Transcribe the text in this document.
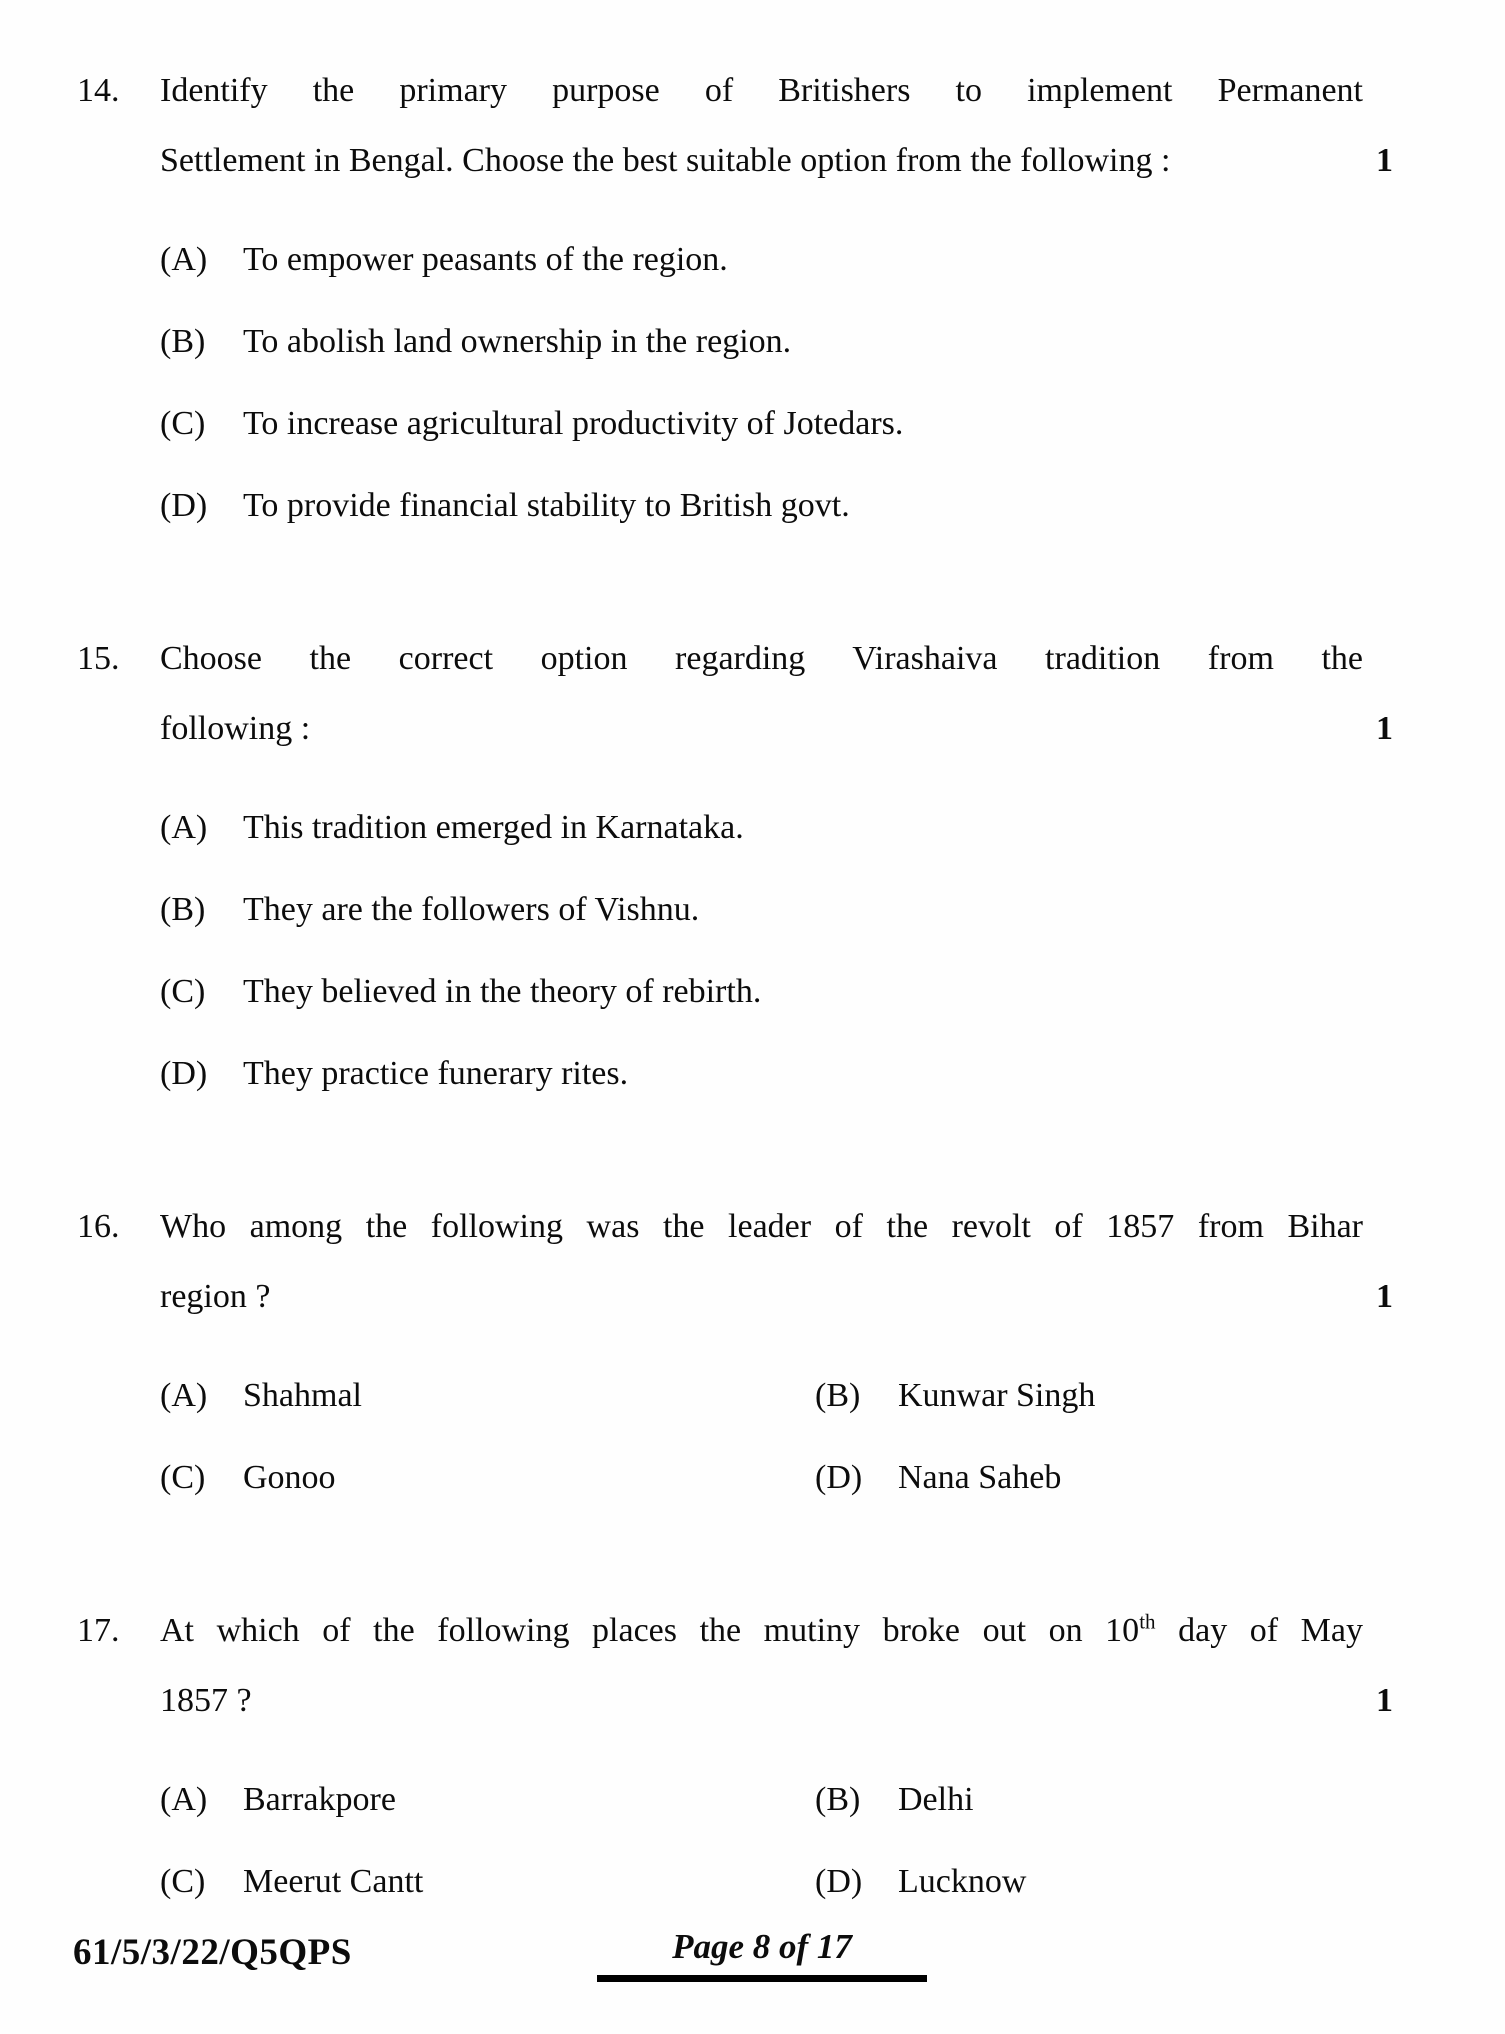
14.	Identify the primary purpose of Britishers to implement Permanent
Settlement in Bengal. Choose the best suitable option from the following :	1
(A)	To empower peasants of the region.
(B)	To abolish land ownership in the region.
(C)	To increase agricultural productivity of Jotedars.
(D)	To provide financial stability to British govt.
15.	Choose the correct option regarding Virashaiva tradition from the
following :	1
(A)	This tradition emerged in Karnataka.
(B)	They are the followers of Vishnu.
(C)	They believed in the theory of rebirth.
(D)	They practice funerary rites.
16.	Who among the following was the leader of the revolt of 1857 from Bihar
region ?	1
(A)	Shahmal	(B)	Kunwar Singh
(C)	Gonoo	(D)	Nana Saheb
17.	At which of the following places the mutiny broke out on 10th day of May
1857 ?	1
(A)	Barrakpore	(B)	Delhi
(C)	Meerut Cantt	(D)	Lucknow
61/5/3/22/Q5QPS	Page 8 of 17
